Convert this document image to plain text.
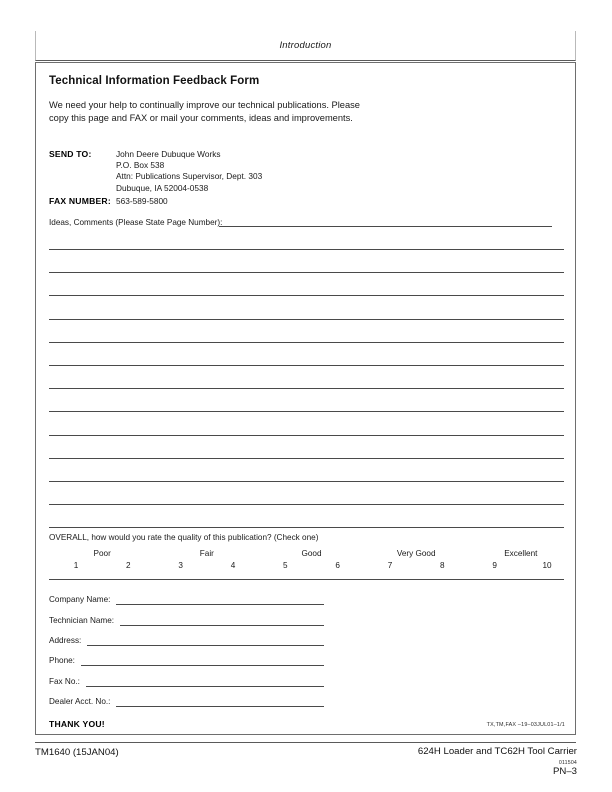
Introduction
Technical Information Feedback Form
We need your help to continually improve our technical publications. Please copy this page and FAX or mail your comments, ideas and improvements.
SEND TO:	John Deere Dubuque Works
P.O. Box 538
Attn: Publications Supervisor, Dept. 303
Dubuque, IA 52004-0538
FAX NUMBER: 563-589-5800
Ideas, Comments (Please State Page Number):
OVERALL, how would you rate the quality of this publication? (Check one)
1	2	3	4	5	6	7	8	9	10
Poor	Fair	Good	Very Good	Excellent
Company Name:
Technician Name:
Address:
Phone:
Fax No.:
Dealer Acct. No.:
THANK YOU!	TX,TM,FAX –19–03JUL01–1/1
TM1640 (15JAN04)	624H Loader and TC62H Tool Carrier
011504
PN–3
